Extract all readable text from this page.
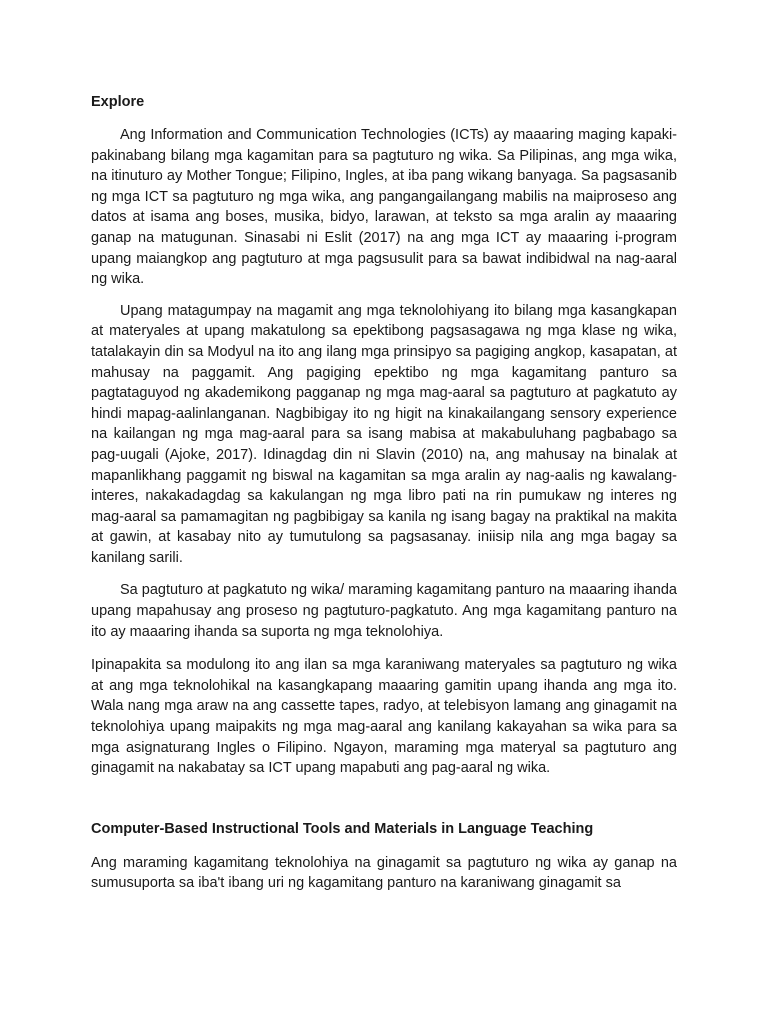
Explore

Ang Information and Communication Technologies (ICTs) ay maaaring maging kapaki-pakinabang bilang mga kagamitan para sa pagtuturo ng wika. Sa Pilipinas, ang mga wika, na itinuturo ay Mother Tongue; Filipino, Ingles, at iba pang wikang banyaga. Sa pagsasanib ng mga ICT sa pagtuturo ng mga wika, ang pangangailangang mabilis na maiproseso ang datos at isama ang boses, musika, bidyo, larawan, at teksto sa mga aralin ay maaaring ganap na matugunan. Sinasabi ni Eslit (2017) na ang mga ICT ay maaaring i-program upang maiangkop ang pagtuturo at mga pagsusulit para sa bawat indibidwal na nag-aaral ng wika.

Upang matagumpay na magamit ang mga teknolohiyang ito bilang mga kasangkapan at materyales at upang makatulong sa epektibong pagsasagawa ng mga klase ng wika, tatalakayin din sa Modyul na ito ang ilang mga prinsipyo sa pagiging angkop, kasapatan, at mahusay na paggamit. Ang pagiging epektibo ng mga kagamitang panturo sa pagtataguyod ng akademikong pagganap ng mga mag-aaral sa pagtuturo at pagkatuto ay hindi mapag-aalinlanganan. Nagbibigay ito ng higit na kinakailangang sensory experience na kailangan ng mga mag-aaral para sa isang mabisa at makabuluhang pagbabago sa pag-uugali (Ajoke, 2017). Idinagdag din ni Slavin (2010) na, ang mahusay na binalak at mapanlikhang paggamit ng biswal na kagamitan sa mga aralin ay nag-aalis ng kawalang-interes, nakakadagdag sa kakulangan ng mga libro pati na rin pumukaw ng interes ng mag-aaral sa pamamagitan ng pagbibigay sa kanila ng isang bagay na praktikal na makita at gawin, at kasabay nito ay tumutulong sa pagsasanay. iniisip nila ang mga bagay sa kanilang sarili.

Sa pagtuturo at pagkatuto ng wika/ maraming kagamitang panturo na maaaring ihanda upang mapahusay ang proseso ng pagtuturo-pagkatuto. Ang mga kagamitang panturo na ito ay maaaring ihanda sa suporta ng mga teknolohiya.

Ipinapakita sa modulong ito ang ilan sa mga karaniwang materyales sa pagtuturo ng wika at ang mga teknolohikal na kasangkapang maaaring gamitin upang ihanda ang mga ito. Wala nang mga araw na ang cassette tapes, radyo, at telebisyon lamang ang ginagamit na teknolohiya upang maipakits ng mga mag-aaral ang kanilang kakayahan sa wika para sa mga asignaturang Ingles o Filipino. Ngayon, maraming mga materyal sa pagtuturo ang ginagamit na nakabatay sa ICT upang mapabuti ang pag-aaral ng wika.

Computer-Based Instructional Tools and Materials in Language Teaching

Ang maraming kagamitang teknolohiya na ginagamit sa pagtuturo ng wika ay ganap na sumusuporta sa iba't ibang uri ng kagamitang panturo na karaniwang ginagamit sa
